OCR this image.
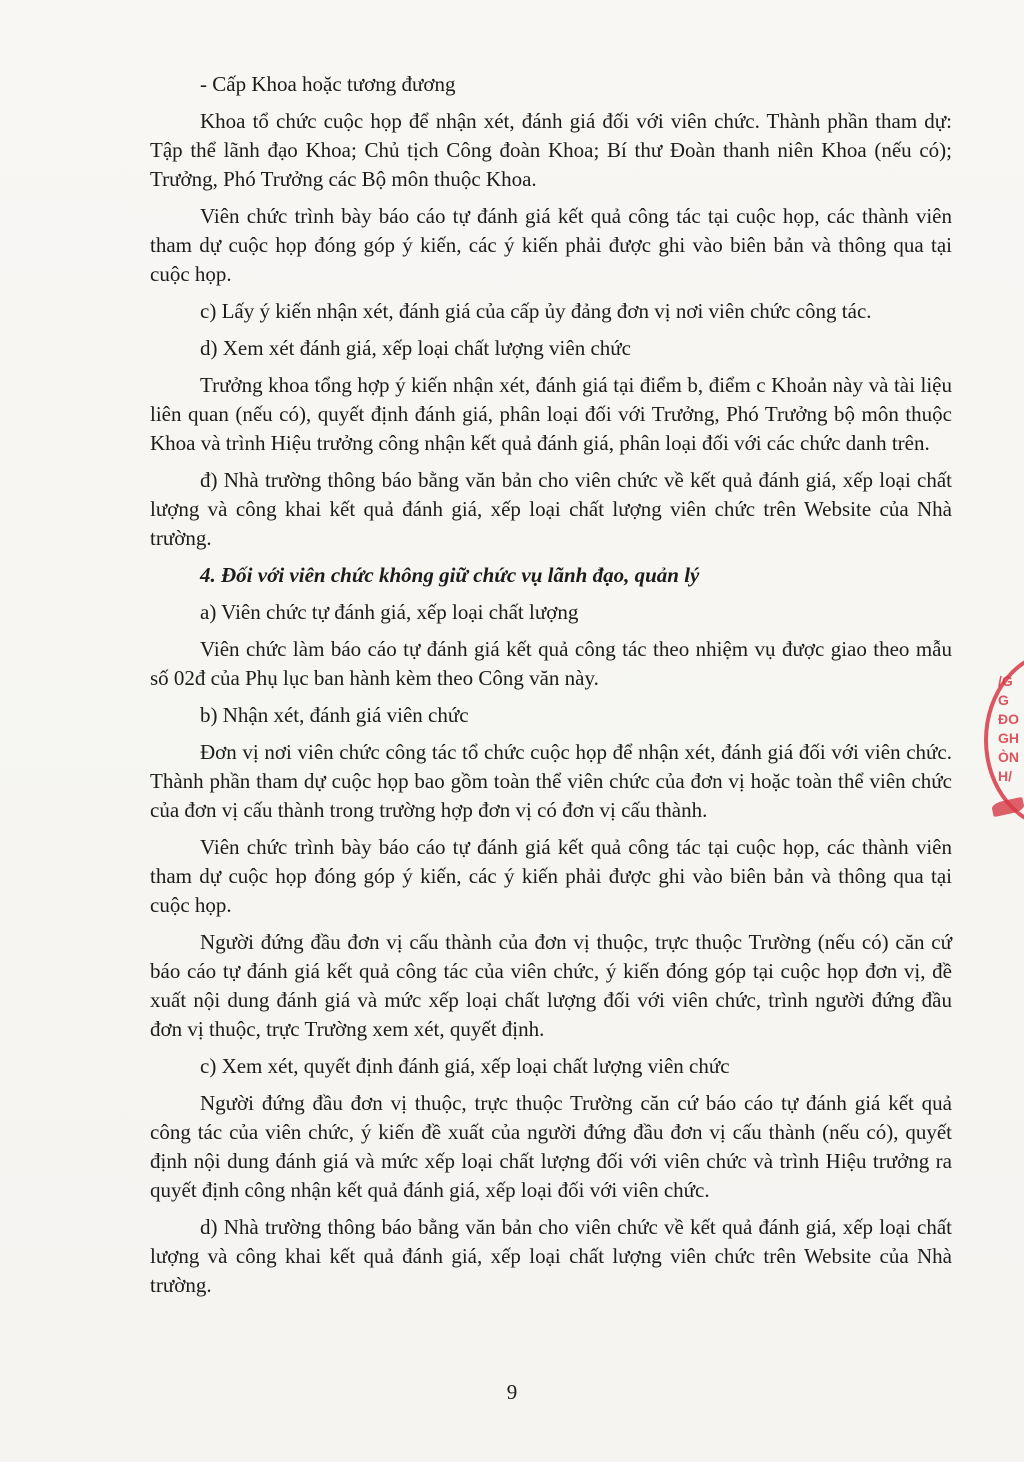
- Cấp Khoa hoặc tương đương

Khoa tổ chức cuộc họp để nhận xét, đánh giá đối với viên chức. Thành phần tham dự: Tập thể lãnh đạo Khoa; Chủ tịch Công đoàn Khoa; Bí thư Đoàn thanh niên Khoa (nếu có); Trưởng, Phó Trưởng các Bộ môn thuộc Khoa.

Viên chức trình bày báo cáo tự đánh giá kết quả công tác tại cuộc họp, các thành viên tham dự cuộc họp đóng góp ý kiến, các ý kiến phải được ghi vào biên bản và thông qua tại cuộc họp.

c) Lấy ý kiến nhận xét, đánh giá của cấp ủy đảng đơn vị nơi viên chức công tác.

d) Xem xét đánh giá, xếp loại chất lượng viên chức

Trưởng khoa tổng hợp ý kiến nhận xét, đánh giá tại điểm b, điểm c Khoản này và tài liệu liên quan (nếu có), quyết định đánh giá, phân loại đối với Trưởng, Phó Trưởng bộ môn thuộc Khoa và trình Hiệu trưởng công nhận kết quả đánh giá, phân loại đối với các chức danh trên.

đ) Nhà trường thông báo bằng văn bản cho viên chức về kết quả đánh giá, xếp loại chất lượng và công khai kết quả đánh giá, xếp loại chất lượng viên chức trên Website của Nhà trường.

4. Đối với viên chức không giữ chức vụ lãnh đạo, quản lý

a) Viên chức tự đánh giá, xếp loại chất lượng

Viên chức làm báo cáo tự đánh giá kết quả công tác theo nhiệm vụ được giao theo mẫu số 02đ của Phụ lục ban hành kèm theo Công văn này.

b) Nhận xét, đánh giá viên chức

Đơn vị nơi viên chức công tác tổ chức cuộc họp để nhận xét, đánh giá đối với viên chức. Thành phần tham dự cuộc họp bao gồm toàn thể viên chức của đơn vị hoặc toàn thể viên chức của đơn vị cấu thành trong trường hợp đơn vị có đơn vị cấu thành.

Viên chức trình bày báo cáo tự đánh giá kết quả công tác tại cuộc họp, các thành viên tham dự cuộc họp đóng góp ý kiến, các ý kiến phải được ghi vào biên bản và thông qua tại cuộc họp.

Người đứng đầu đơn vị cấu thành của đơn vị thuộc, trực thuộc Trường (nếu có) căn cứ báo cáo tự đánh giá kết quả công tác của viên chức, ý kiến đóng góp tại cuộc họp đơn vị, đề xuất nội dung đánh giá và mức xếp loại chất lượng đối với viên chức, trình người đứng đầu đơn vị thuộc, trực Trường xem xét, quyết định.

c) Xem xét, quyết định đánh giá, xếp loại chất lượng viên chức

Người đứng đầu đơn vị thuộc, trực thuộc Trường căn cứ báo cáo tự đánh giá kết quả công tác của viên chức, ý kiến đề xuất của người đứng đầu đơn vị cấu thành (nếu có), quyết định nội dung đánh giá và mức xếp loại chất lượng đối với viên chức và trình Hiệu trưởng ra quyết định công nhận kết quả đánh giá, xếp loại đối với viên chức.

d) Nhà trường thông báo bằng văn bản cho viên chức về kết quả đánh giá, xếp loại chất lượng và công khai kết quả đánh giá, xếp loại chất lượng viên chức trên Website của Nhà trường.

9
/G
G
ĐO
GH
ÒN
H/
